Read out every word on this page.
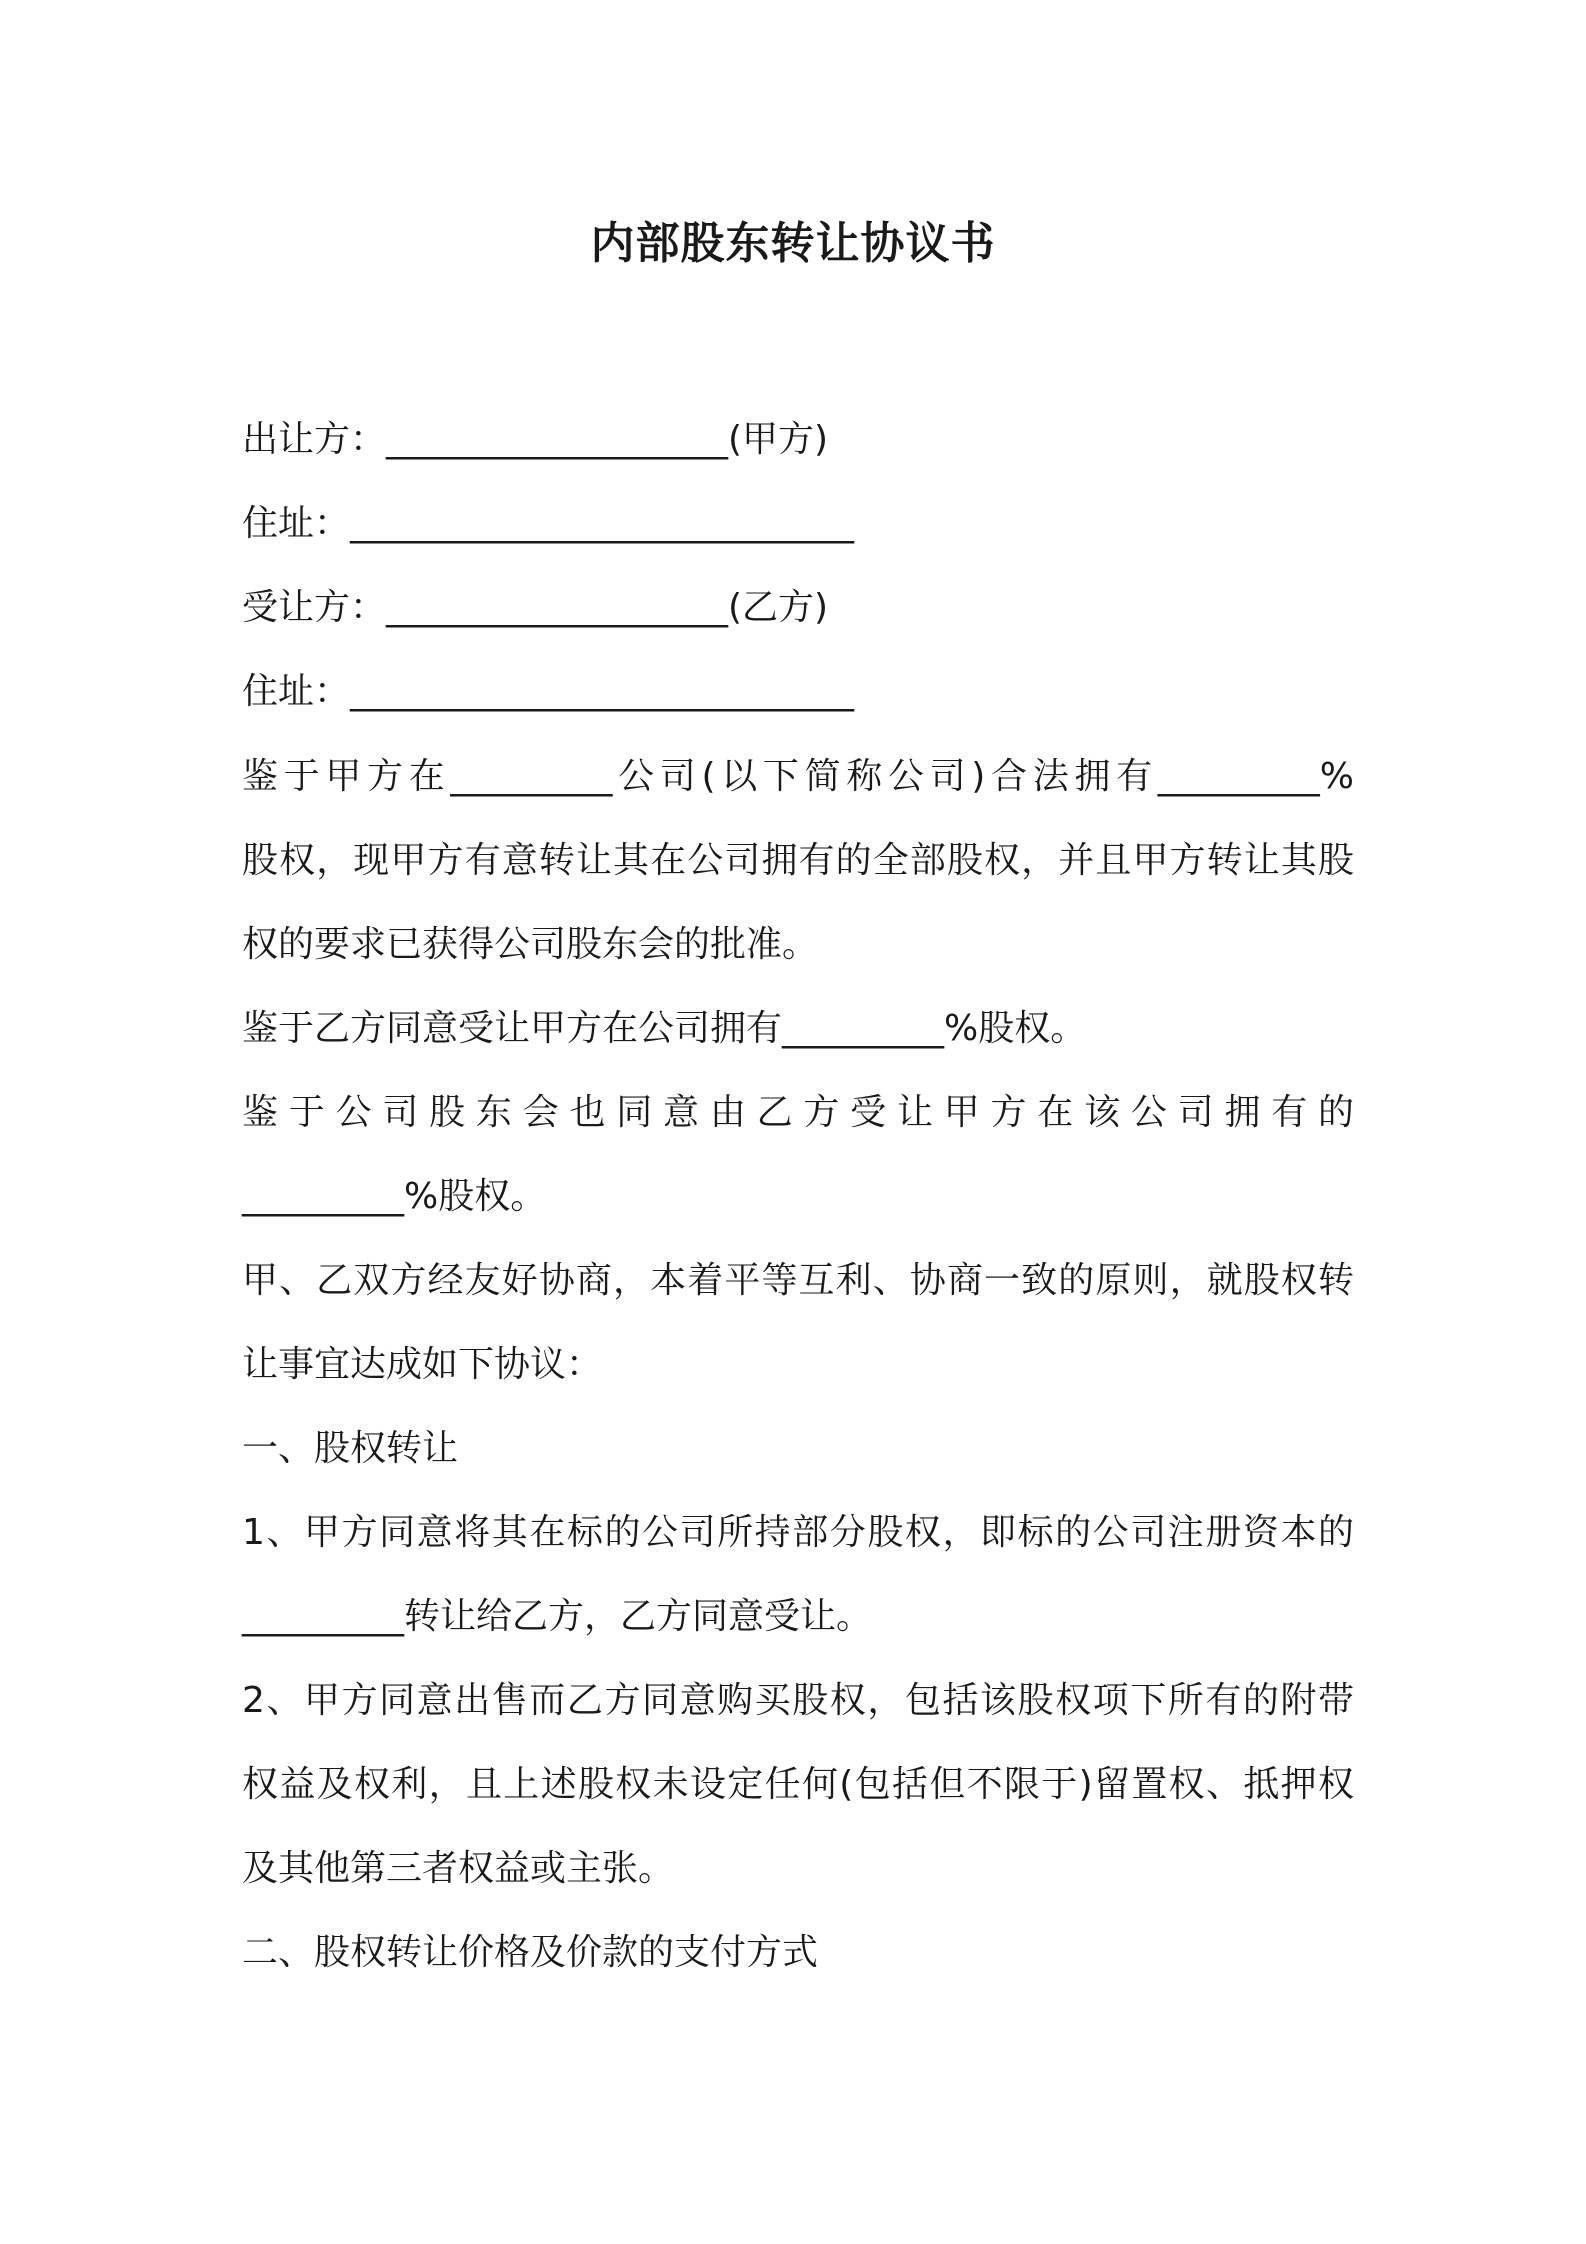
内部股东转让协议书

出让方：___________________(甲方)

住址：____________________________

受让方：___________________(乙方)

住址：____________________________

鉴于甲方在_________公司(以下简称公司)合法拥有_________%

股权，现甲方有意转让其在公司拥有的全部股权，并且甲方转让其股

权的要求已获得公司股东会的批准。

鉴于乙方同意受让甲方在公司拥有_________%股权。

鉴于公司股东会也同意由乙方受让甲方在该公司拥有的

_________%股权。

甲、乙双方经友好协商，本着平等互利、协商一致的原则，就股权转

让事宜达成如下协议：

一、股权转让

1、甲方同意将其在标的公司所持部分股权，即标的公司注册资本的

_________转让给乙方，乙方同意受让。

2、甲方同意出售而乙方同意购买股权，包括该股权项下所有的附带

权益及权利，且上述股权未设定任何(包括但不限于)留置权、抵押权

及其他第三者权益或主张。

二、股权转让价格及价款的支付方式
